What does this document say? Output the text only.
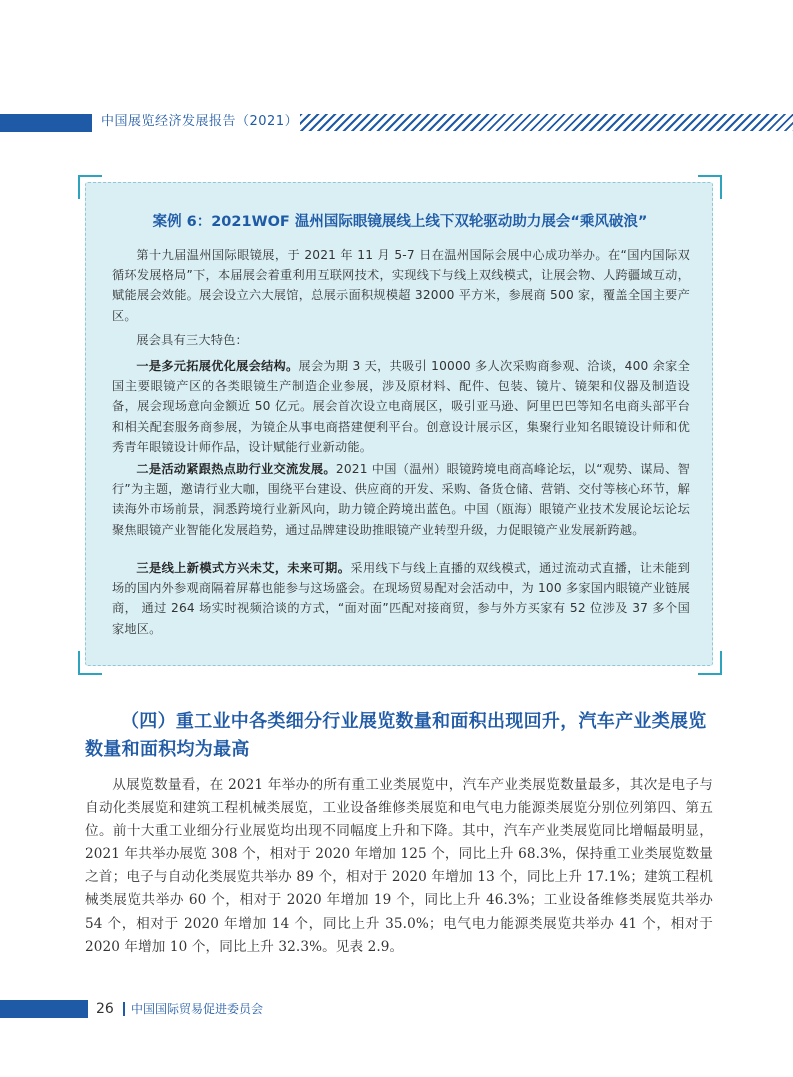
中国展览经济发展报告（2021）
案例 6：2021WOF 温州国际眼镜展线上线下双轮驱动助力展会“乘风破浪”

第十九届温州国际眼镜展，于 2021 年 11 月 5-7 日在温州国际会展中心成功举办。在“国内国际双循环发展格局”下，本届展会着重利用互联网技术，实现线下与线上双线模式，让展会物、人跨疆域互动，赋能展会效能。展会设立六大展馆，总展示面积规模超 32000 平方米，参展商 500 家，覆盖全国主要产区。

展会具有三大特色：

一是多元拓展优化展会结构。展会为期 3 天，共吸引 10000 多人次采购商参观、洽谈，400 余家全国主要眼镜产区的各类眼镜生产制造企业参展，涉及原材料、配件、包装、镜片、镜架和仪器及制造设备，展会现场意向金额近 50 亿元。展会首次设立电商展区，吸引亚马逊、阿里巴巴等知名电商头部平台和相关配套服务商参展，为镜企从事电商搭建便利平台。创意设计展示区，集聚行业知名眼镜设计师和优秀青年眼镜设计师作品，设计赋能行业新动能。

二是活动紧跟热点助行业交流发展。2021 中国（温州）眼镜跨境电商高峰论坛，以“观势、谋局、智行”为主题，邀请行业大咖，围绕平台建设、供应商的开发、采购、备货仓储、营销、交付等核心环节，解读海外市场前景，洞悉跨境行业新风向，助力镜企跨境出蓝色。中国（瓯海）眼镜产业技术发展论坛论坛聚焦眼镜产业智能化发展趋势，通过品牌建设助推眼镜产业转型升级，力促眼镜产业发展新跨越。

三是线上新模式方兴未艾，未来可期。采用线下与线上直播的双线模式，通过流动式直播，让未能到场的国内外参观商隔着屏幕也能参与这场盛会。在现场贸易配对会活动中，为 100 多家国内眼镜产业链展商， 通过 264 场实时视频洽谈的方式，“面对面”匹配对接商贸，参与外方买家有 52 位涉及 37 多个国家地区。

（四）重工业中各类细分行业展览数量和面积出现回升，汽车产业类展览数量和面积均为最高

从展览数量看，在 2021 年举办的所有重工业类展览中，汽车产业类展览数量最多，其次是电子与自动化类展览和建筑工程机械类展览，工业设备维修类展览和电气电力能源类展览分别位列第四、第五位。前十大重工业细分行业展览均出现不同幅度上升和下降。其中，汽车产业类展览同比增幅最明显，2021 年共举办展览 308 个，相对于 2020 年增加 125 个，同比上升 68.3%，保持重工业类展览数量之首；电子与自动化类展览共举办 89 个，相对于 2020 年增加 13 个，同比上升 17.1%；建筑工程机械类展览共举办 60 个，相对于 2020 年增加 19 个，同比上升 46.3%；工业设备维修类展览共举办 54 个，相对于 2020 年增加 14 个，同比上升 35.0%；电气电力能源类展览共举办 41 个，相对于 2020 年增加 10 个，同比上升 32.3%。见表 2.9。

26 中国国际贸易促进委员会
